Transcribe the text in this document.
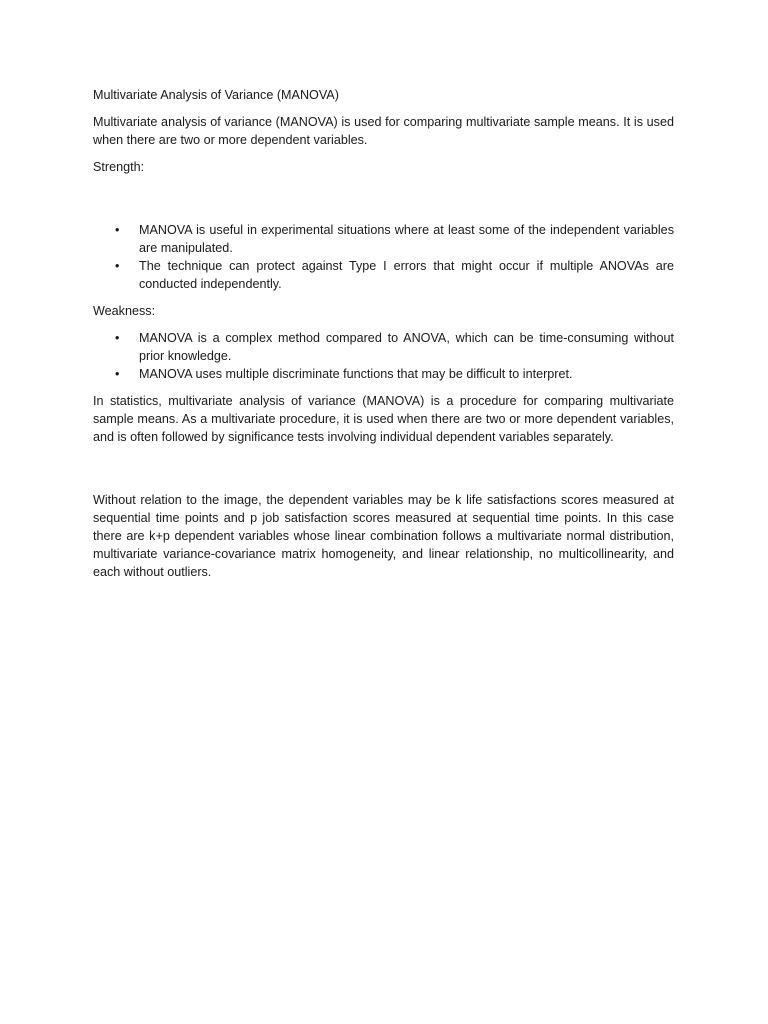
Multivariate Analysis of Variance (MANOVA)

Multivariate analysis of variance (MANOVA) is used for comparing multivariate sample means. It is used when there are two or more dependent variables.

Strength:
• MANOVA is useful in experimental situations where at least some of the independent variables are manipulated.
• The technique can protect against Type I errors that might occur if multiple ANOVAs are conducted independently.
Weakness:
• MANOVA is a complex method compared to ANOVA, which can be time-consuming without prior knowledge.
• MANOVA uses multiple discriminate functions that may be difficult to interpret.

In statistics, multivariate analysis of variance (MANOVA) is a procedure for comparing multivariate sample means. As a multivariate procedure, it is used when there are two or more dependent variables, and is often followed by significance tests involving individual dependent variables separately.

Without relation to the image, the dependent variables may be k life satisfactions scores measured at sequential time points and p job satisfaction scores measured at sequential time points. In this case there are k+p dependent variables whose linear combination follows a multivariate normal distribution, multivariate variance-covariance matrix homogeneity, and linear relationship, no multicollinearity, and each without outliers.
